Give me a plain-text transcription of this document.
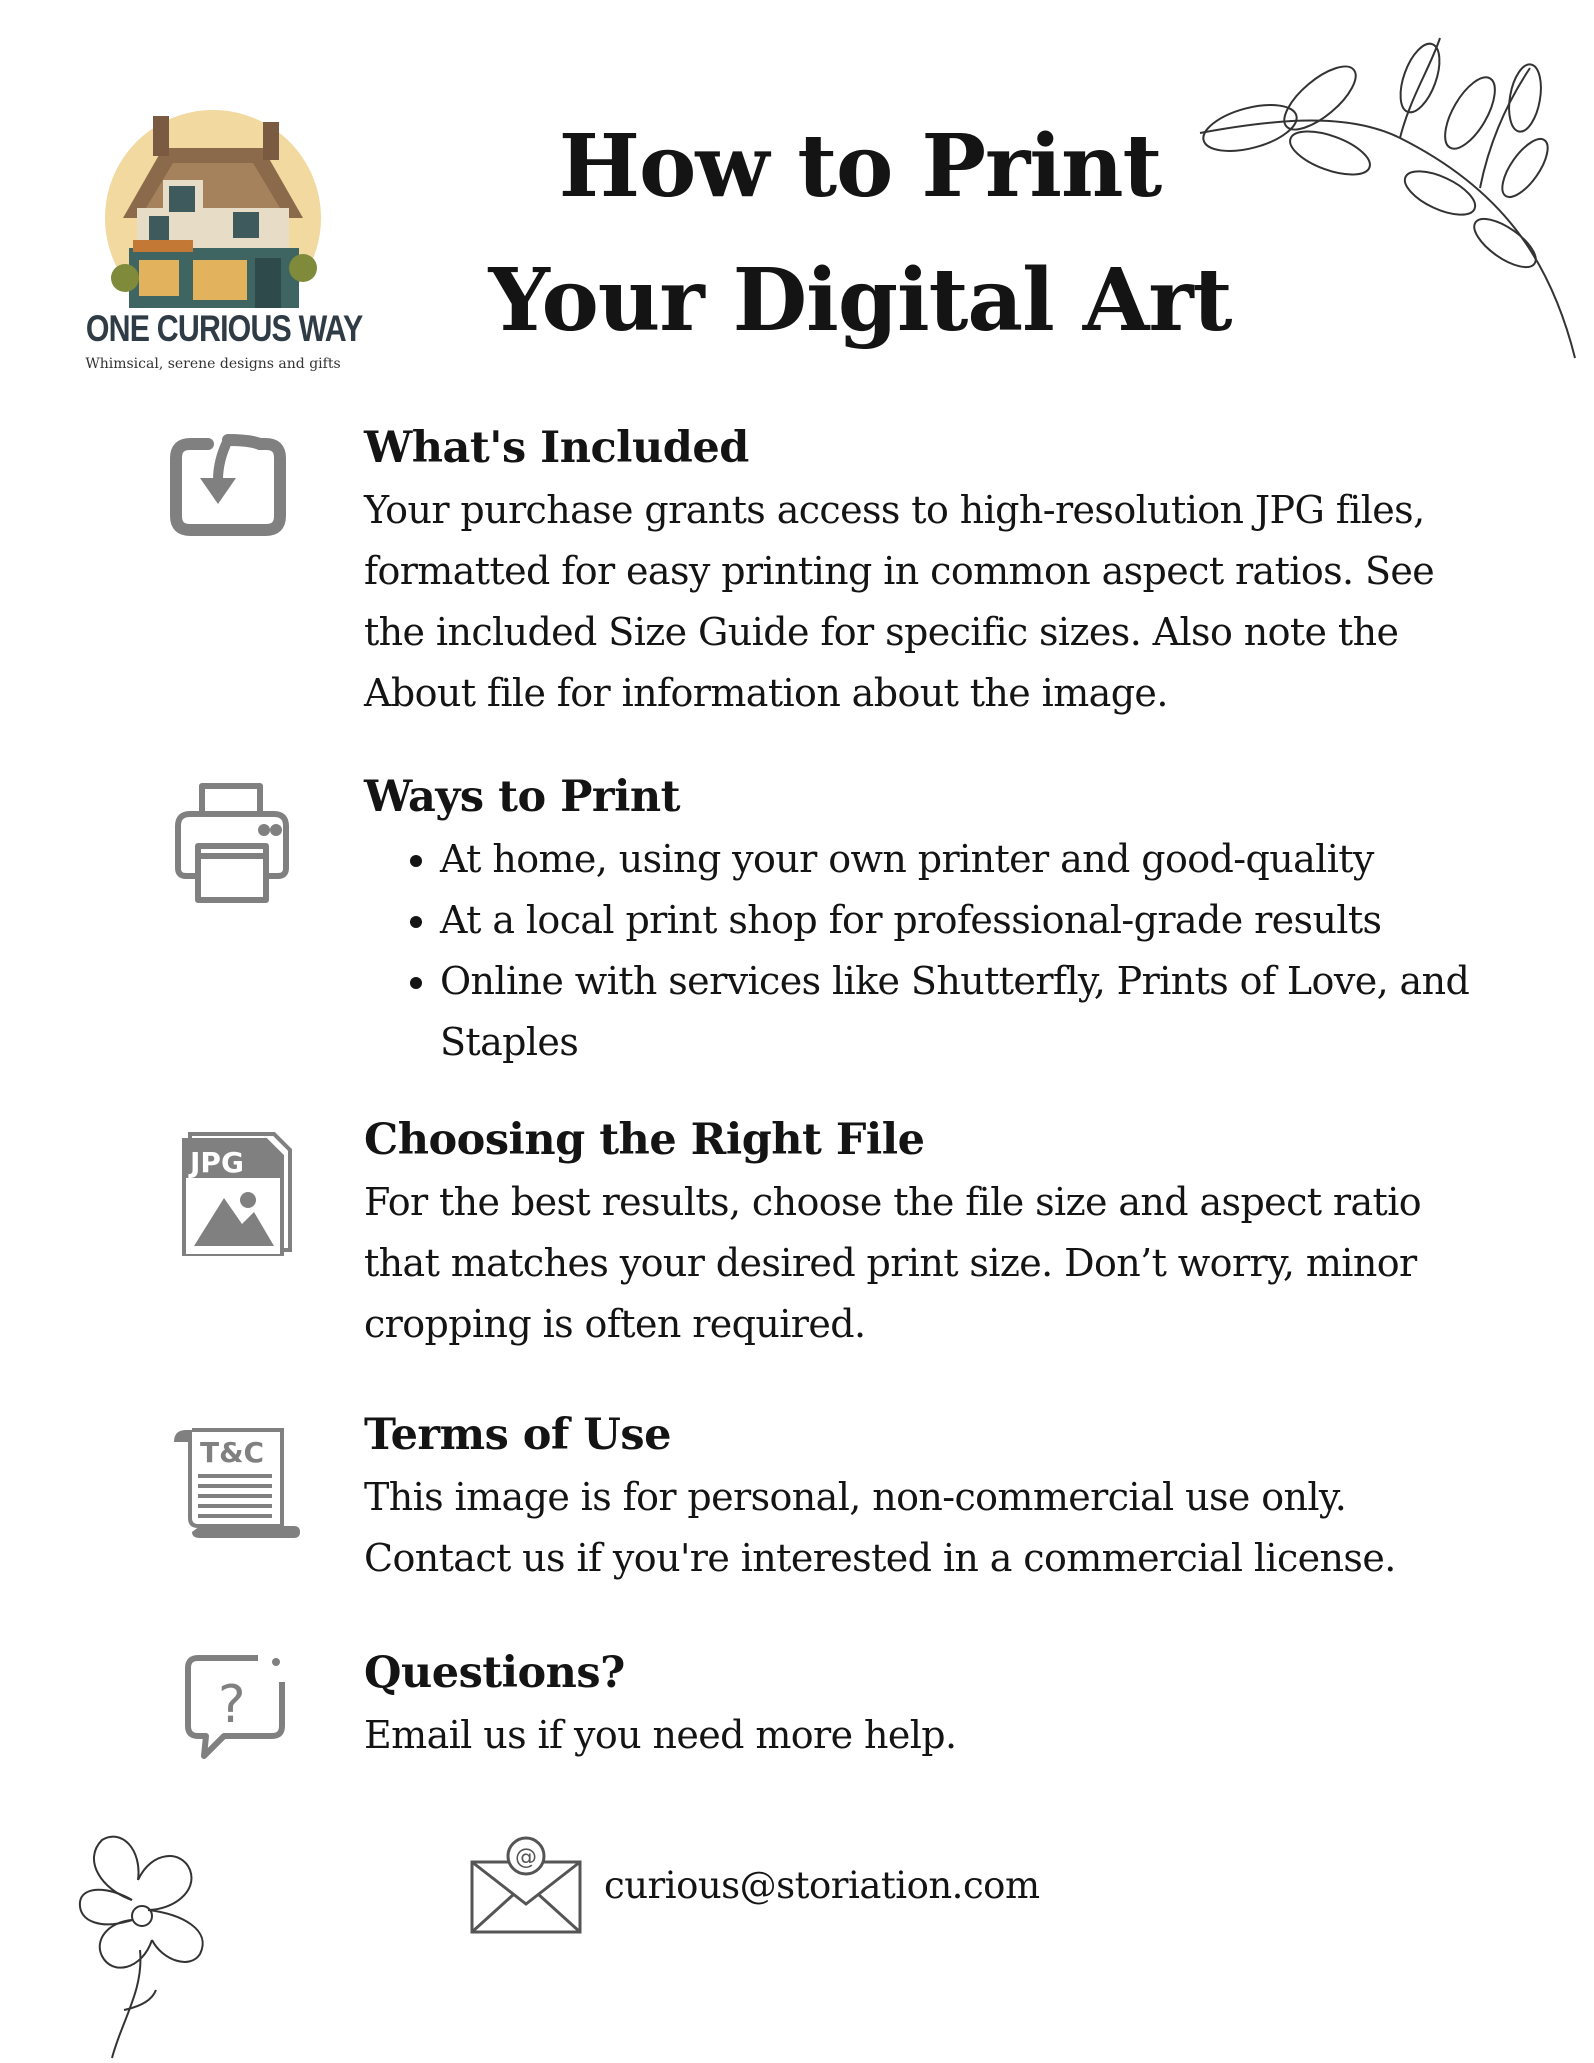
ONE CURIOUS WAY
Whimsical, serene designs and gifts
How to Print
Your Digital Art
What's Included

Your purchase grants access to high-resolution JPG files, formatted for easy printing in common aspect ratios. See the included Size Guide for specific sizes. Also note the About file for information about the image.

Ways to Print
• At home, using your own printer and good-quality
• At a local print shop for professional-grade results
• Online with services like Shutterfly, Prints of Love, and Staples
JPG	Choosing the Right File

For the best results, choose the file size and aspect ratio that matches your desired print size. Don’t worry, minor cropping is often required.

T&C Terms of Use

This image is for personal, non-commercial use only. Contact us if you're interested in a commercial license.

?
Questions?

Email us if you need more help.

@
curious@storiation.com
